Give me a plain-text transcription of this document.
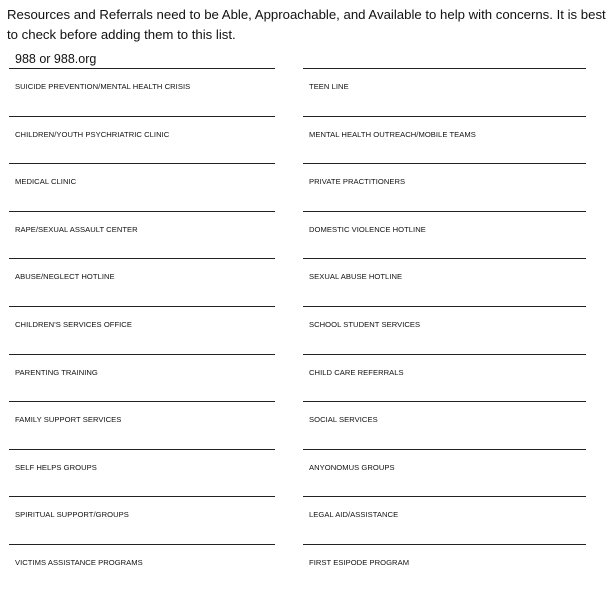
Resources and Referrals need to be Able, Approachable, and Available to help with concerns. It is best to check before adding them to this list.
988 or 988.org
SUICIDE PREVENTION/MENTAL HEALTH CRISIS
CHILDREN/YOUTH PSYCHRIATRIC CLINIC
MEDICAL CLINIC
RAPE/SEXUAL ASSAULT CENTER
ABUSE/NEGLECT HOTLINE
CHILDREN'S SERVICES OFFICE
PARENTING TRAINING
FAMILY SUPPORT SERVICES
SELF HELPS GROUPS
SPIRITUAL SUPPORT/GROUPS
VICTIMS ASSISTANCE PROGRAMS
TEEN LINE
MENTAL HEALTH OUTREACH/MOBILE TEAMS
PRIVATE PRACTITIONERS
DOMESTIC VIOLENCE HOTLINE
SEXUAL ABUSE HOTLINE
SCHOOL STUDENT SERVICES
CHILD CARE REFERRALS
SOCIAL SERVICES
ANYONOMUS GROUPS
LEGAL AID/ASSISTANCE
FIRST ESIPODE PROGRAM
